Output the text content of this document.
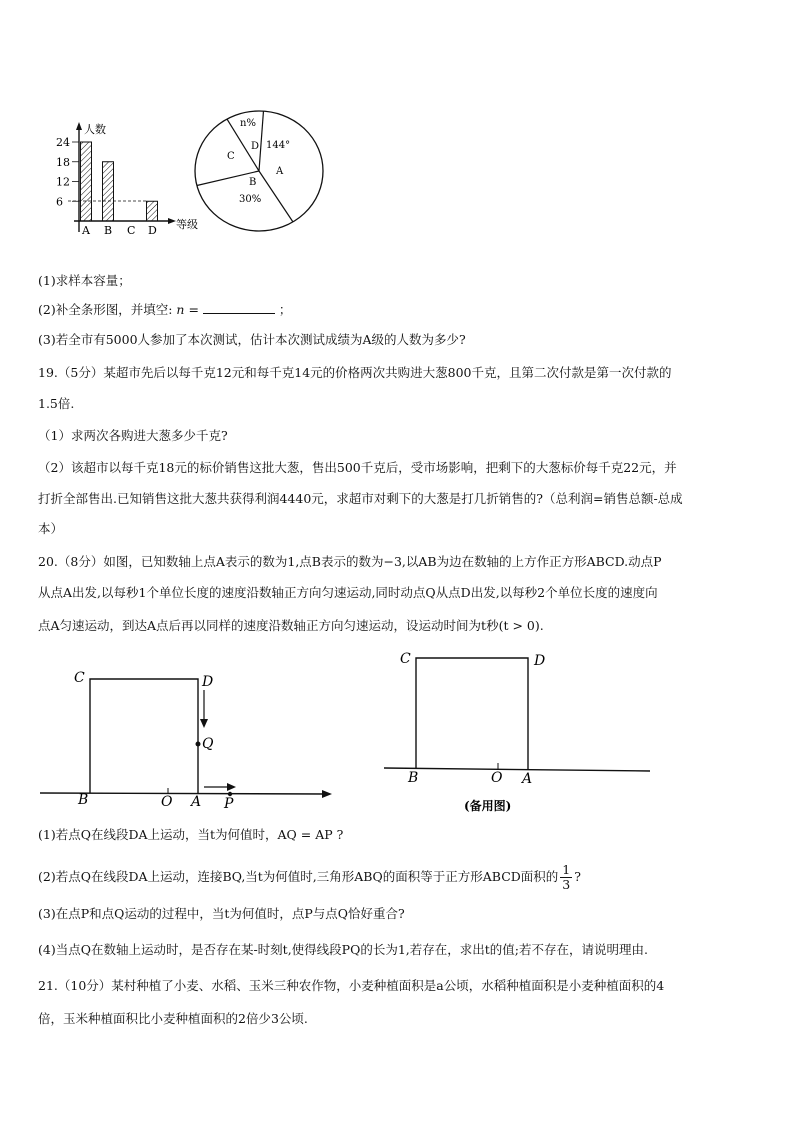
人数
等级
24
18
12
6
A B C D
n%
D 144°
A
C
B
30%
(1)求样本容量；
(2)补全条形图，并填空: n =	；
(3)若全市有5000人参加了本次测试，估计本次测试成绩为A级的人数为多少?
19.（5分）某超市先后以每千克12元和每千克14元的价格两次共购进大葱800千克，且第二次付款是第一次付款的
1.5倍.
（1）求两次各购进大葱多少千克?
（2）该超市以每千克18元的标价销售这批大葱，售出500千克后，受市场影响，把剩下的大葱标价每千克22元，并
打折全部售出.已知销售这批大葱共获得利润4440元，求超市对剩下的大葱是打几折销售的?（总利润=销售总额-总成
本）
20.（8分）如图，已知数轴上点A表示的数为1,点B表示的数为−3,以AB为边在数轴的上方作正方形ABCD.动点P
从点A出发,以每秒1个单位长度的速度沿数轴正方向匀速运动,同时动点Q从点D出发,以每秒2个单位长度的速度向
点A匀速运动，到达A点后再以同样的速度沿数轴正方向匀速运动，设运动时间为t秒(t > 0).
C	D
Q
B	O A P
C	D
B	O A
(备用图)
(1)若点Q在线段DA上运动，当t为何值时，AQ = AP ?
(2)若点Q在线段DA上运动，连接BQ,当t为何值时,三角形ABQ的面积等于正方形ABCD面积的 $\frac{1}{3}$ ?
(3)在点P和点Q运动的过程中，当t为何值时，点P与点Q恰好重合?
(4)当点Q在数轴上运动时，是否存在某-时刻t,使得线段PQ的长为1,若存在，求出t的值;若不存在，请说明理由.
21.（10分）某村种植了小麦、水稻、玉米三种农作物，小麦种植面积是a公顷，水稻种植面积是小麦种植面积的4
倍，玉米种植面积比小麦种植面积的2倍少3公顷.
